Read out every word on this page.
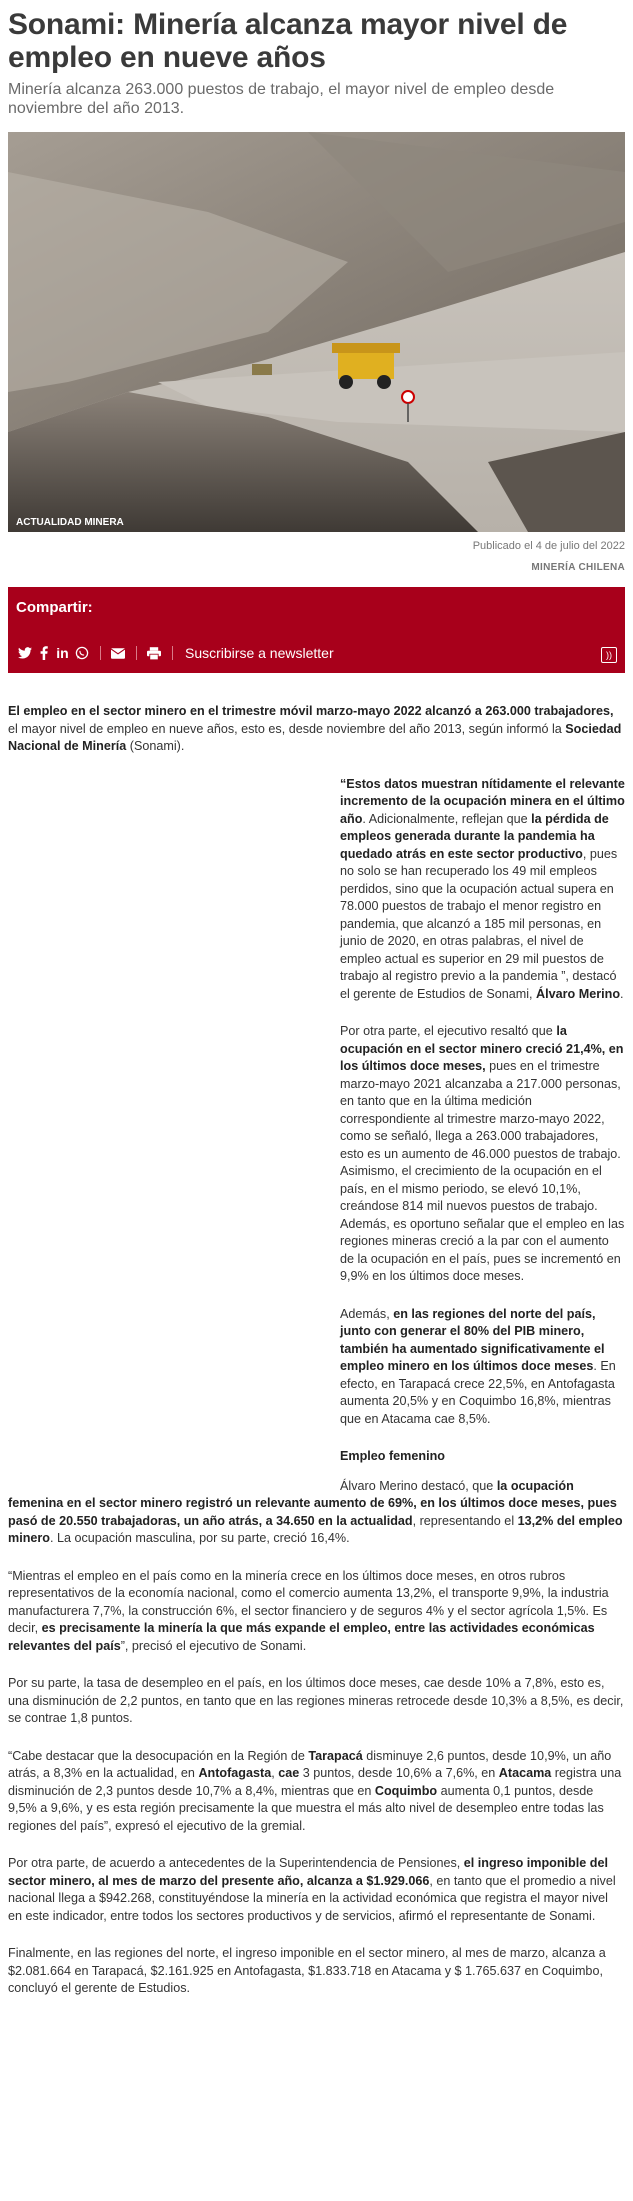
Sonami: Minería alcanza mayor nivel de empleo en nueve años
Minería alcanza 263.000 puestos de trabajo, el mayor nivel de empleo desde noviembre del año 2013.
ACTUALIDAD MINERA
Publicado el 4 de julio del 2022
MINERÍA CHILENA
Compartir:
in	Suscribirse a newsletter	))

El empleo en el sector minero en el trimestre móvil marzo-mayo 2022 alcanzó a 263.000 trabajadores, el mayor nivel de empleo en nueve años, esto es, desde noviembre del año 2013, según informó la Sociedad Nacional de Minería (Sonami).

“Estos datos muestran nítidamente el relevante incremento de la ocupación minera en el último año. Adicionalmente, reflejan que la pérdida de empleos generada durante la pandemia ha quedado atrás en este sector productivo, pues no solo se han recuperado los 49 mil empleos perdidos, sino que la ocupación actual supera en 78.000 puestos de trabajo el menor registro en pandemia, que alcanzó a 185 mil personas, en junio de 2020, en otras palabras, el nivel de empleo actual es superior en 29 mil puestos de trabajo al registro previo a la pandemia ”, destacó el gerente de Estudios de Sonami, Álvaro Merino.

Por otra parte, el ejecutivo resaltó que la ocupación en el sector minero creció 21,4%, en los últimos doce meses, pues en el trimestre marzo-mayo 2021 alcanzaba a 217.000 personas, en tanto que en la última medición correspondiente al trimestre marzo-mayo 2022, como se señaló, llega a 263.000 trabajadores, esto es un aumento de 46.000 puestos de trabajo. Asimismo, el crecimiento de la ocupación en el país, en el mismo periodo, se elevó 10,1%, creándose 814 mil nuevos puestos de trabajo. Además, es oportuno señalar que el empleo en las regiones mineras creció a la par con el aumento de la ocupación en el país, pues se incrementó en 9,9% en los últimos doce meses.

Además, en las regiones del norte del país, junto con generar el 80% del PIB minero, también ha aumentado significativamente el empleo minero en los últimos doce meses. En efecto, en Tarapacá crece 22,5%, en Antofagasta aumenta 20,5% y en Coquimbo 16,8%, mientras que en Atacama cae 8,5%.

Empleo femenino

Álvaro Merino destacó, que la ocupación femenina en el sector minero registró un relevante aumento de 69%, en los últimos doce meses, pues pasó de 20.550 trabajadoras, un año atrás, a 34.650 en la actualidad, representando el 13,2% del empleo minero. La ocupación masculina, por su parte, creció 16,4%.

“Mientras el empleo en el país como en la minería crece en los últimos doce meses, en otros rubros representativos de la economía nacional, como el comercio aumenta 13,2%, el transporte 9,9%, la industria manufacturera 7,7%, la construcción 6%, el sector financiero y de seguros 4% y el sector agrícola 1,5%. Es decir, es precisamente la minería la que más expande el empleo, entre las actividades económicas relevantes del país”, precisó el ejecutivo de Sonami.

Por su parte, la tasa de desempleo en el país, en los últimos doce meses, cae desde 10% a 7,8%, esto es, una disminución de 2,2 puntos, en tanto que en las regiones mineras retrocede desde 10,3% a 8,5%, es decir, se contrae 1,8 puntos.

“Cabe destacar que la desocupación en la Región de Tarapacá disminuye 2,6 puntos, desde 10,9%, un año atrás, a 8,3% en la actualidad, en Antofagasta, cae 3 puntos, desde 10,6% a 7,6%, en Atacama registra una disminución de 2,3 puntos desde 10,7% a 8,4%, mientras que en Coquimbo aumenta 0,1 puntos, desde 9,5% a 9,6%, y es esta región precisamente la que muestra el más alto nivel de desempleo entre todas las regiones del país”, expresó el ejecutivo de la gremial.

Por otra parte, de acuerdo a antecedentes de la Superintendencia de Pensiones, el ingreso imponible del sector minero, al mes de marzo del presente año, alcanza a $1.929.066, en tanto que el promedio a nivel nacional llega a $942.268, constituyéndose la minería en la actividad económica que registra el mayor nivel en este indicador, entre todos los sectores productivos y de servicios, afirmó el representante de Sonami.

Finalmente, en las regiones del norte, el ingreso imponible en el sector minero, al mes de marzo, alcanza a $2.081.664 en Tarapacá, $2.161.925 en Antofagasta, $1.833.718 en Atacama y $ 1.765.637 en Coquimbo, concluyó el gerente de Estudios.
